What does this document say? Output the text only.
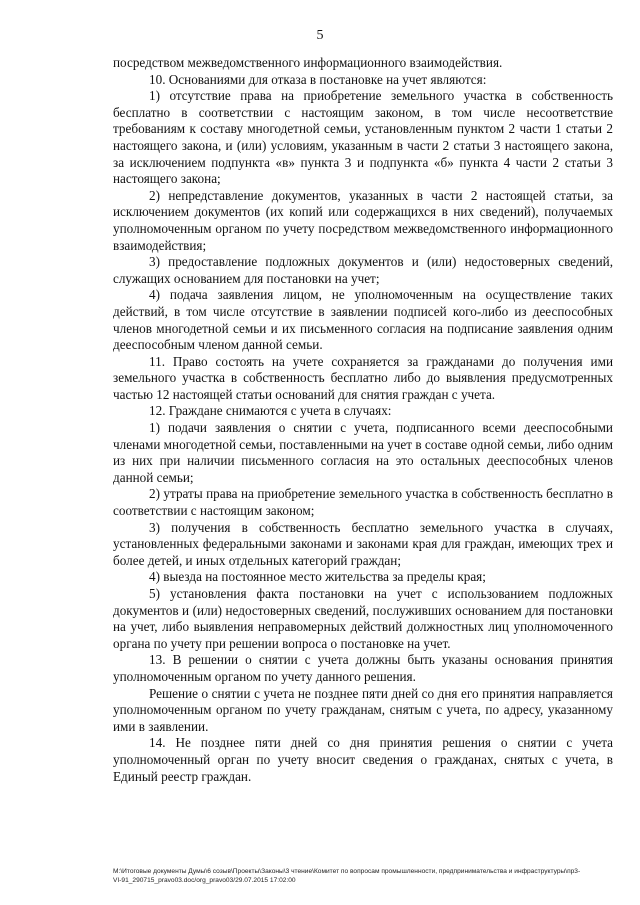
5

посредством межведомственного информационного взаимодействия.

10. Основаниями для отказа в постановке на учет являются:

1) отсутствие права на приобретение земельного участка в собственность бесплатно в соответствии с настоящим законом, в том числе несоответствие требованиям к составу многодетной семьи, установленным пунктом 2 части 1 статьи 2 настоящего закона, и (или) условиям, указанным в части 2 статьи 3 настоящего закона, за исключением подпункта «в» пункта 3 и подпункта «б» пункта 4 части 2 статьи 3 настоящего закона;

2) непредставление документов, указанных в части 2 настоящей статьи, за исключением документов (их копий или содержащихся в них сведений), получаемых уполномоченным органом по учету посредством межведомственного информационного взаимодействия;

3) предоставление подложных документов и (или) недостоверных сведений, служащих основанием для постановки на учет;

4) подача заявления лицом, не уполномоченным на осуществление таких действий, в том числе отсутствие в заявлении подписей кого-либо из дееспособных членов многодетной семьи и их письменного согласия на подписание заявления одним дееспособным членом данной семьи.

11. Право состоять на учете сохраняется за гражданами до получения ими земельного участка в собственность бесплатно либо до выявления предусмотренных частью 12 настоящей статьи оснований для снятия граждан с учета.

12. Граждане снимаются с учета в случаях:

1) подачи заявления о снятии с учета, подписанного всеми дееспособными членами многодетной семьи, поставленными на учет в составе одной семьи, либо одним из них при наличии письменного согласия на это остальных дееспособных членов данной семьи;

2) утраты права на приобретение земельного участка в собственность бесплатно в соответствии с настоящим законом;

3) получения в собственность бесплатно земельного участка в случаях, установленных федеральными законами и законами края для граждан, имеющих трех и более детей, и иных отдельных категорий граждан;

4) выезда на постоянное место жительства за пределы края;

5) установления факта постановки на учет с использованием подложных документов и (или) недостоверных сведений, послуживших основанием для постановки на учет, либо выявления неправомерных действий должностных лиц уполномоченного органа по учету при решении вопроса о постановке на учет.

13. В решении о снятии с учета должны быть указаны основания принятия уполномоченным органом по учету данного решения.

Решение о снятии с учета не позднее пяти дней со дня его принятия направляется уполномоченным органом по учету гражданам, снятым с учета, по адресу, указанному ими в заявлении.

14. Не позднее пяти дней со дня принятия решения о снятии с учета уполномоченный орган по учету вносит сведения о гражданах, снятых с учета, в Единый реестр граждан.

M:\Итоговые документы Думы\6 созыв\Проекты\Законы\3 чтение\Комитет по вопросам промышленности, предпринимательства и инфраструктуры\пр3-
VI-91_290715_pravo03.doc/org_pravo03/29.07.2015 17:02:00
